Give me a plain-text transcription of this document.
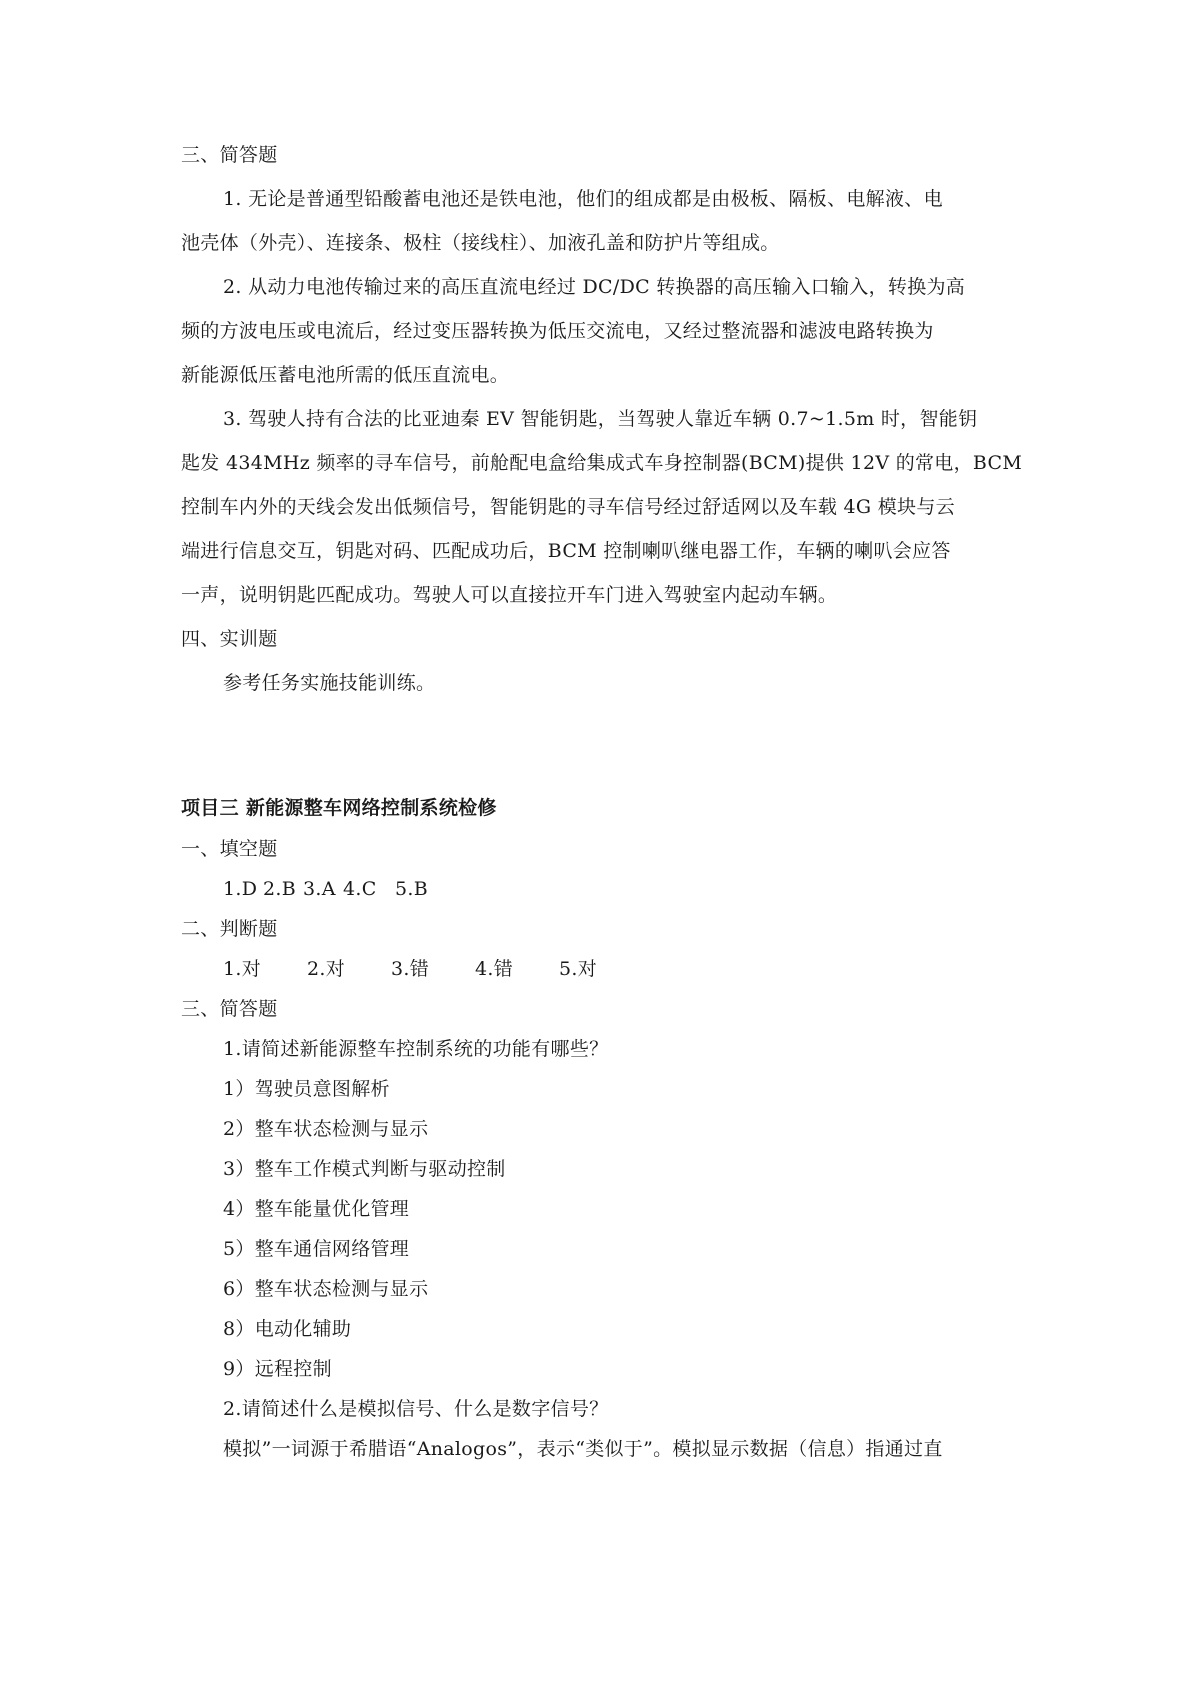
三、简答题
1. 无论是普通型铅酸蓄电池还是铁电池，他们的组成都是由极板、隔板、电解液、电
池壳体（外壳）、连接条、极柱（接线柱）、加液孔盖和防护片等组成。
2. 从动力电池传输过来的高压直流电经过 DC/DC 转换器的高压输入口输入，转换为高
频的方波电压或电流后，经过变压器转换为低压交流电，又经过整流器和滤波电路转换为
新能源低压蓄电池所需的低压直流电。
3. 驾驶人持有合法的比亚迪秦 EV 智能钥匙，当驾驶人靠近车辆 0.7~1.5m 时，智能钥
匙发 434MHz 频率的寻车信号，前舱配电盒给集成式车身控制器(BCM)提供 12V 的常电，BCM
控制车内外的天线会发出低频信号，智能钥匙的寻车信号经过舒适网以及车载 4G 模块与云
端进行信息交互，钥匙对码、匹配成功后，BCM 控制喇叭继电器工作，车辆的喇叭会应答
一声，说明钥匙匹配成功。驾驶人可以直接拉开车门进入驾驶室内起动车辆。
四、实训题
参考任务实施技能训练。
项目三 新能源整车网络控制系统检修
一、填空题
1.D 2.B 3.A 4.C 5.B
二、判断题
1.对 2.对 3.错 4.错 5.对
三、简答题
1.请简述新能源整车控制系统的功能有哪些？
1）驾驶员意图解析
2）整车状态检测与显示
3）整车工作模式判断与驱动控制
4）整车能量优化管理
5）整车通信网络管理
6）整车状态检测与显示
8）电动化辅助
9）远程控制
2.请简述什么是模拟信号、什么是数字信号？
模拟”一词源于希腊语“Analogos”，表示“类似于”。模拟显示数据（信息）指通过直
